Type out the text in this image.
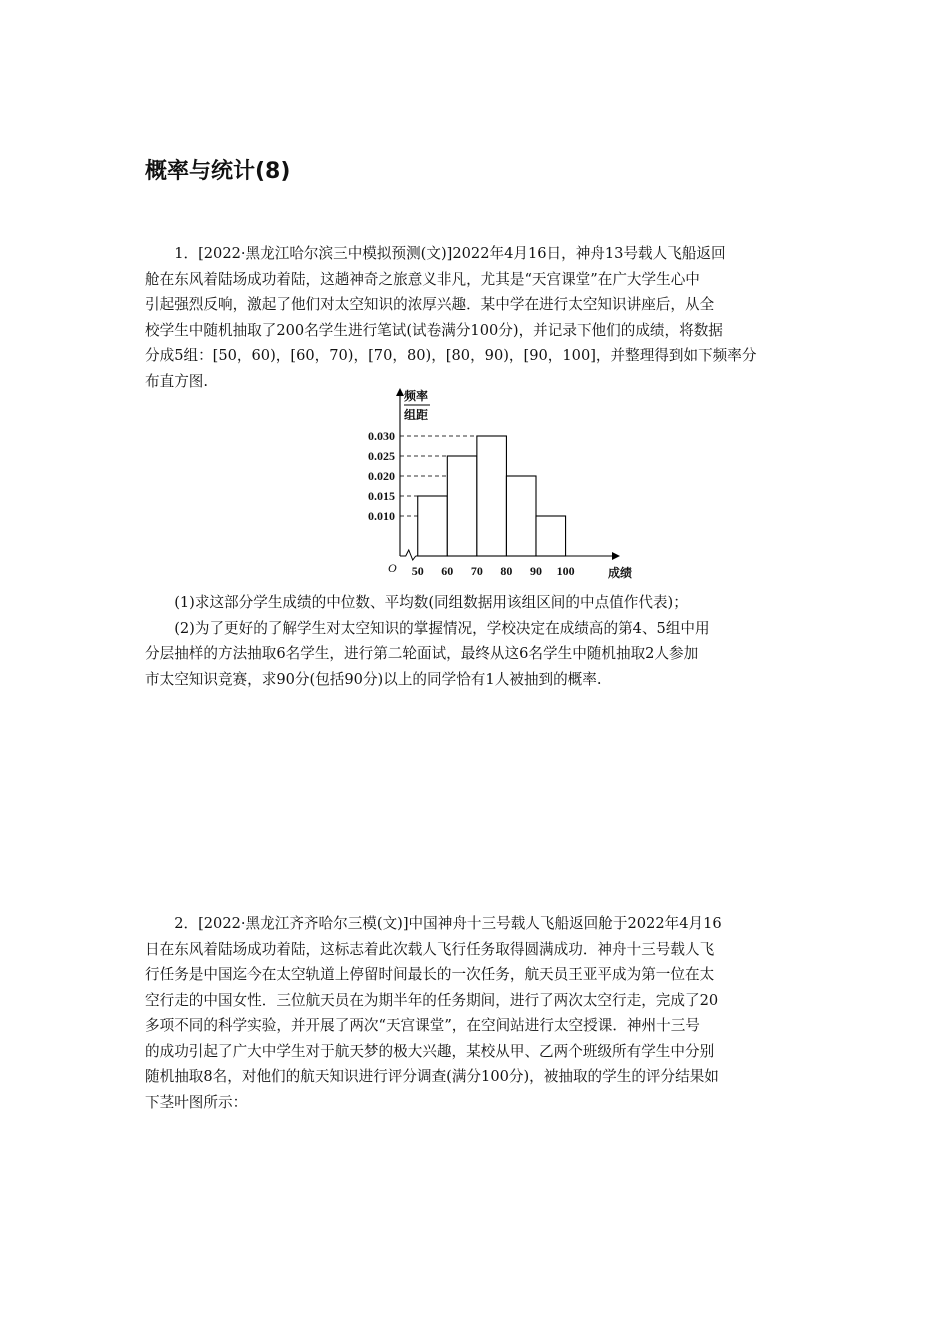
概率与统计(8)
1．[2022·黑龙江哈尔滨三中模拟预测(文)]2022年4月16日，神舟13号载人飞船返回
舱在东风着陆场成功着陆，这趟神奇之旅意义非凡，尤其是“天宫课堂”在广大学生心中
引起强烈反响，激起了他们对太空知识的浓厚兴趣．某中学在进行太空知识讲座后，从全
校学生中随机抽取了200名学生进行笔试(试卷满分100分)，并记录下他们的成绩，将数据
分成5组：[50，60)，[60，70)，[70，80)，[80，90)，[90，100]，并整理得到如下频率分
布直方图.
0.010
0.015
0.020
0.025
0.030
50 60 70 80 90 100
O	成绩
频率
组距
(1)求这部分学生成绩的中位数、平均数(同组数据用该组区间的中点值作代表)；
(2)为了更好的了解学生对太空知识的掌握情况，学校决定在成绩高的第4、5组中用
分层抽样的方法抽取6名学生，进行第二轮面试，最终从这6名学生中随机抽取2人参加
市太空知识竞赛，求90分(包括90分)以上的同学恰有1人被抽到的概率.
2．[2022·黑龙江齐齐哈尔三模(文)]中国神舟十三号载人飞船返回舱于2022年4月16
日在东风着陆场成功着陆，这标志着此次载人飞行任务取得圆满成功．神舟十三号载人飞
行任务是中国迄今在太空轨道上停留时间最长的一次任务，航天员王亚平成为第一位在太
空行走的中国女性．三位航天员在为期半年的任务期间，进行了两次太空行走，完成了20
多项不同的科学实验，并开展了两次“天宫课堂”，在空间站进行太空授课．神州十三号
的成功引起了广大中学生对于航天梦的极大兴趣，某校从甲、乙两个班级所有学生中分别
随机抽取8名，对他们的航天知识进行评分调查(满分100分)，被抽取的学生的评分结果如
下茎叶图所示：
